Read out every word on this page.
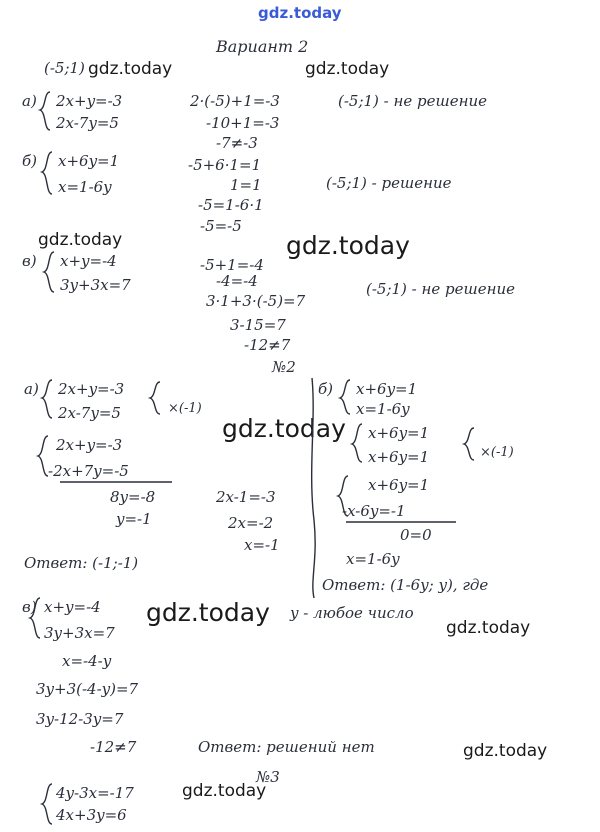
gdz.today
gdz.today	gdz.today
gdz.today	gdz.today
gdz.today
gdz.today
gdz.today
gdz.today
gdz.today
Вариант 2
(-5;1)
а) 2x+y=-3
2x-7y=5
2·(-5)+1=-3
-10+1=-3
-7≠-3
(-5;1) - не решение
б) x+6y=1
x=1-6y
-5+6·1=1
1=1
-5=1-6·1
-5=-5
(-5;1) - решение
в) x+y=-4
3y+3x=7
-5+1=-4
-4=-4
3·1+3·(-5)=7
3-15=7
-12≠7
(-5;1) - не решение
№2
а) 2x+y=-3
2x-7y=5	×(-1)
2x+y=-3
-2x+7y=-5
8y=-8
y=-1
2x-1=-3
2x=-2
x=-1
Ответ: (-1;-1)
б) x+6y=1
x=1-6y
x+6y=1
x+6y=1	×(-1)
x+6y=1
-x-6y=-1
0=0
x=1-6y
Ответ: (1-6y; y), где
y - любое число
в) x+y=-4
3y+3x=7
x=-4-y
3y+3(-4-y)=7
3y-12-3y=7
-12≠7	Ответ: решений нет
№3
4y-3x=-17
4x+3y=6
